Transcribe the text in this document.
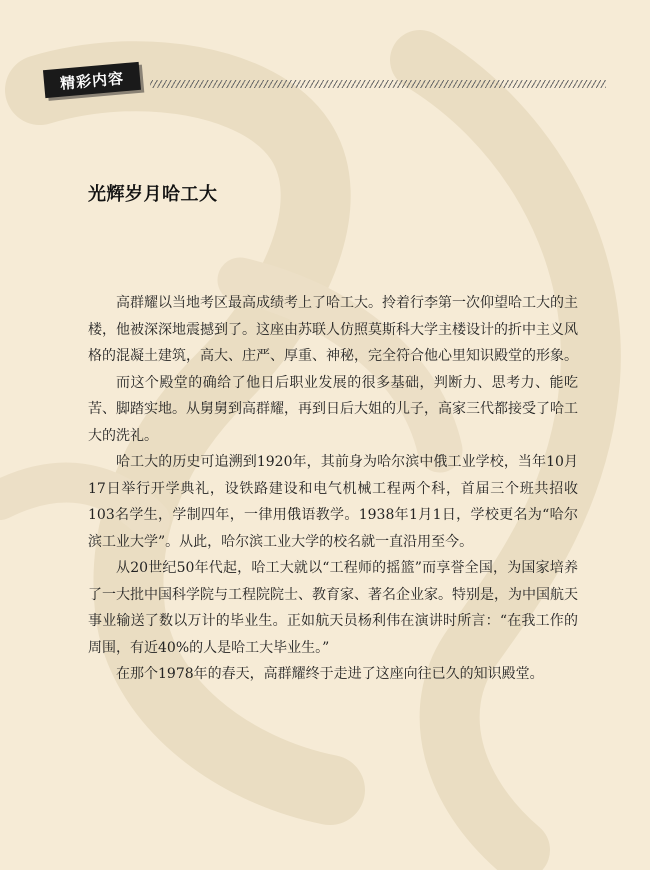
精彩内容
光辉岁月哈工大

高群耀以当地考区最高成绩考上了哈工大。拎着行李第一次仰望哈工大的主楼，他被深深地震撼到了。这座由苏联人仿照莫斯科大学主楼设计的折中主义风格的混凝土建筑，高大、庄严、厚重、神秘，完全符合他心里知识殿堂的形象。

而这个殿堂的确给了他日后职业发展的很多基础，判断力、思考力、能吃苦、脚踏实地。从舅舅到高群耀，再到日后大姐的儿子，高家三代都接受了哈工大的洗礼。

哈工大的历史可追溯到1920年，其前身为哈尔滨中俄工业学校，当年10月17日举行开学典礼，设铁路建设和电气机械工程两个科，首届三个班共招收103名学生，学制四年，一律用俄语教学。1938年1月1日，学校更名为“哈尔滨工业大学”。从此，哈尔滨工业大学的校名就一直沿用至今。

从20世纪50年代起，哈工大就以“工程师的摇篮”而享誉全国，为国家培养了一大批中国科学院与工程院院士、教育家、著名企业家。特别是，为中国航天事业输送了数以万计的毕业生。正如航天员杨利伟在演讲时所言：“在我工作的周围，有近40%的人是哈工大毕业生。”

在那个1978年的春天，高群耀终于走进了这座向往已久的知识殿堂。
